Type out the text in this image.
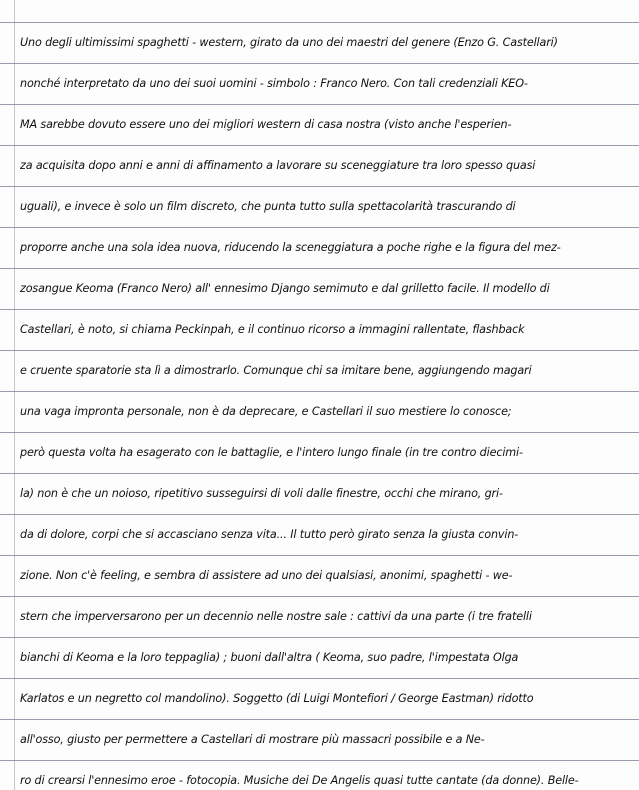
Uno degli ultimissimi spaghetti - western, girato da uno dei maestri del genere (Enzo G. Castellari)
nonché interpretato da uno dei suoi uomini - simbolo : Franco Nero. Con tali credenziali KEO-
MA sarebbe dovuto essere uno dei migliori western di casa nostra (visto anche l'esperien-
za acquisita dopo anni e anni di affinamento a lavorare su sceneggiature tra loro spesso quasi
uguali), e invece è solo un film discreto, che punta tutto sulla spettacolarità trascurando di
proporre anche una sola idea nuova, riducendo la sceneggiatura a poche righe e la figura del mez-
zosangue Keoma (Franco Nero) all' ennesimo Django semimuto e dal grilletto facile. Il modello di
Castellari, è noto, si chiama Peckinpah, e il continuo ricorso a immagini rallentate, flashback
e cruente sparatorie sta lì a dimostrarlo. Comunque chi sa imitare bene, aggiungendo magari
una vaga impronta personale, non è da deprecare, e Castellari il suo mestiere lo conosce;
però questa volta ha esagerato con le battaglie, e l'intero lungo finale (in tre contro diecimi-
la) non è che un noioso, ripetitivo susseguirsi di voli dalle finestre, occhi che mirano, gri-
da di dolore, corpi che si accasciano senza vita... Il tutto però girato senza la giusta convin-
zione. Non c'è feeling, e sembra di assistere ad uno dei qualsiasi, anonimi, spaghetti - we-
stern che imperversarono per un decennio nelle nostre sale : cattivi da una parte (i tre fratelli
bianchi di Keoma e la loro teppaglia) ; buoni dall'altra ( Keoma, suo padre, l'impestata Olga
Karlatos e un negretto col mandolino). Soggetto (di Luigi Montefiori / George Eastman) ridotto
all'osso, giusto per permettere a Castellari di mostrare più massacri possibile e a Ne-
ro di crearsi l'ennesimo eroe - fotocopia. Musiche dei De Angelis quasi tutte cantate (da donne). Belle-
